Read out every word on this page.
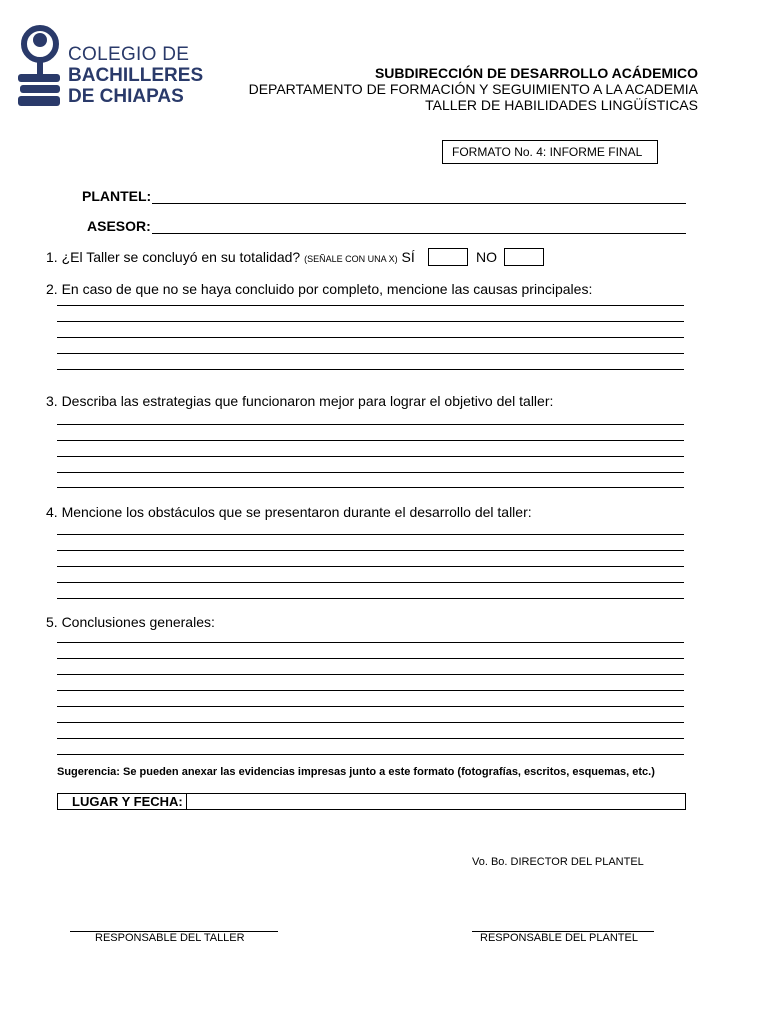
COLEGIO DE
BACHILLERES
DE CHIAPAS
SUBDIRECCIÓN DE DESARROLLO ACÁDEMICO
DEPARTAMENTO DE FORMACIÓN Y SEGUIMIENTO A LA ACADEMIA
TALLER DE HABILIDADES LINGÜÍSTICAS
FORMATO No. 4: INFORME FINAL
PLANTEL:
ASESOR:
1. ¿El Taller se concluyó en su totalidad? (SEÑALE CON UNA X) SÍ	NO
2. En caso de que no se haya concluido por completo, mencione las causas principales:
3. Describa las estrategias que funcionaron mejor para lograr el objetivo del taller:
4. Mencione los obstáculos que se presentaron durante el desarrollo del taller:
5. Conclusiones generales:
Sugerencia: Se pueden anexar las evidencias impresas junto a este formato (fotografías, escritos, esquemas, etc.)
LUGAR Y FECHA:
Vo. Bo. DIRECTOR DEL PLANTEL
RESPONSABLE DEL TALLER	RESPONSABLE DEL PLANTEL
